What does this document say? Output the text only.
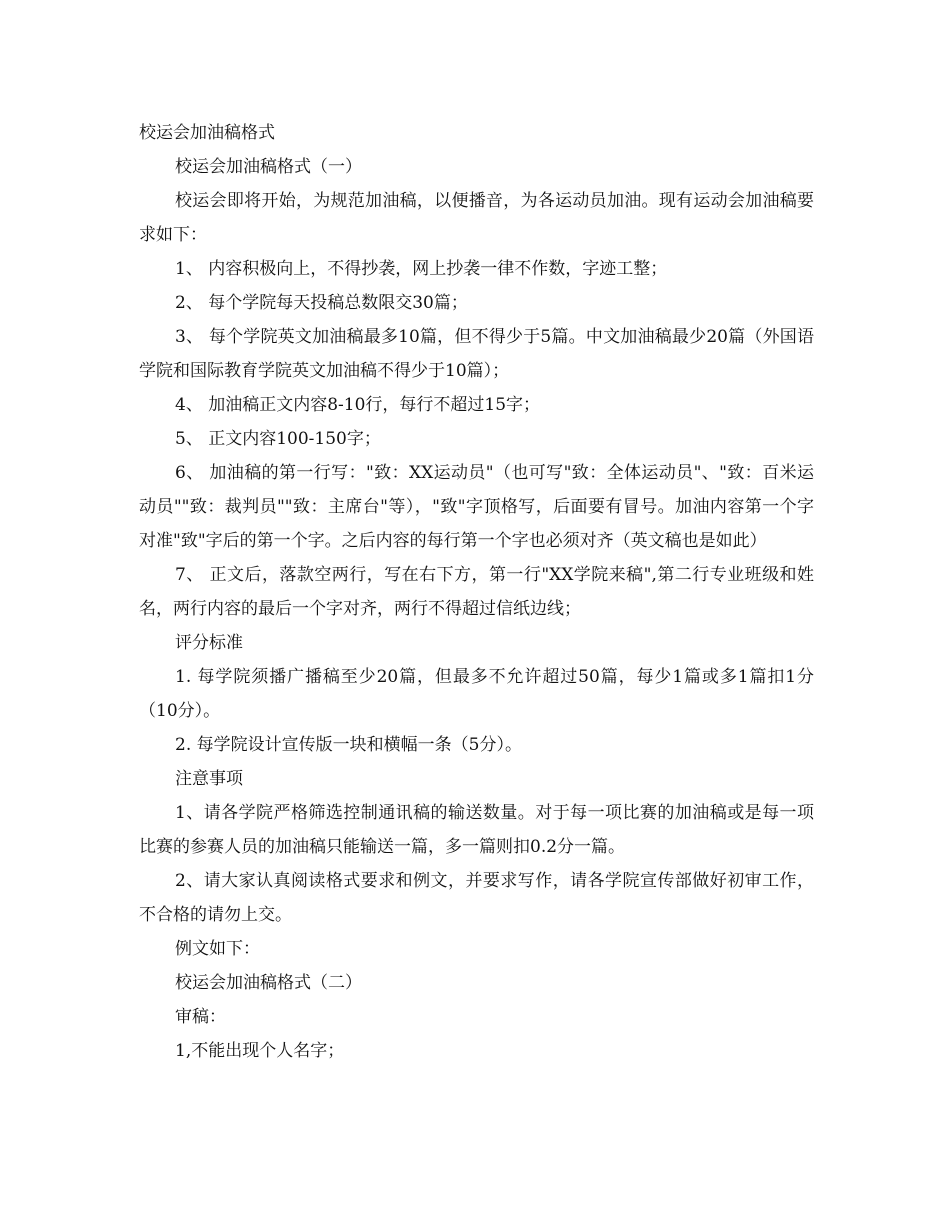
校运会加油稿格式

校运会加油稿格式（一）

校运会即将开始，为规范加油稿，以便播音，为各运动员加油。现有运动会加油稿要求如下：

1、 内容积极向上，不得抄袭，网上抄袭一律不作数，字迹工整；

2、 每个学院每天投稿总数限交30篇；

3、 每个学院英文加油稿最多10篇，但不得少于5篇。中文加油稿最少20篇（外国语学院和国际教育学院英文加油稿不得少于10篇）；

4、 加油稿正文内容8-10行，每行不超过15字；

5、 正文内容100-150字；

6、 加油稿的第一行写："致：XX运动员"（也可写"致：全体运动员"、"致：百米运动员""致：裁判员""致：主席台"等），"致"字顶格写，后面要有冒号。加油内容第一个字对准"致"字后的第一个字。之后内容的每行第一个字也必须对齐（英文稿也是如此）

7、 正文后，落款空两行，写在右下方，第一行"XX学院来稿",第二行专业班级和姓名，两行内容的最后一个字对齐，两行不得超过信纸边线；

评分标准

1. 每学院须播广播稿至少20篇，但最多不允许超过50篇，每少1篇或多1篇扣1分（10分）。

2. 每学院设计宣传版一块和横幅一条（5分）。

注意事项

1、请各学院严格筛选控制通讯稿的输送数量。对于每一项比赛的加油稿或是每一项比赛的参赛人员的加油稿只能输送一篇，多一篇则扣0.2分一篇。

2、请大家认真阅读格式要求和例文，并要求写作，请各学院宣传部做好初审工作，不合格的请勿上交。

例文如下：

校运会加油稿格式（二）

审稿：

1,不能出现个人名字；
